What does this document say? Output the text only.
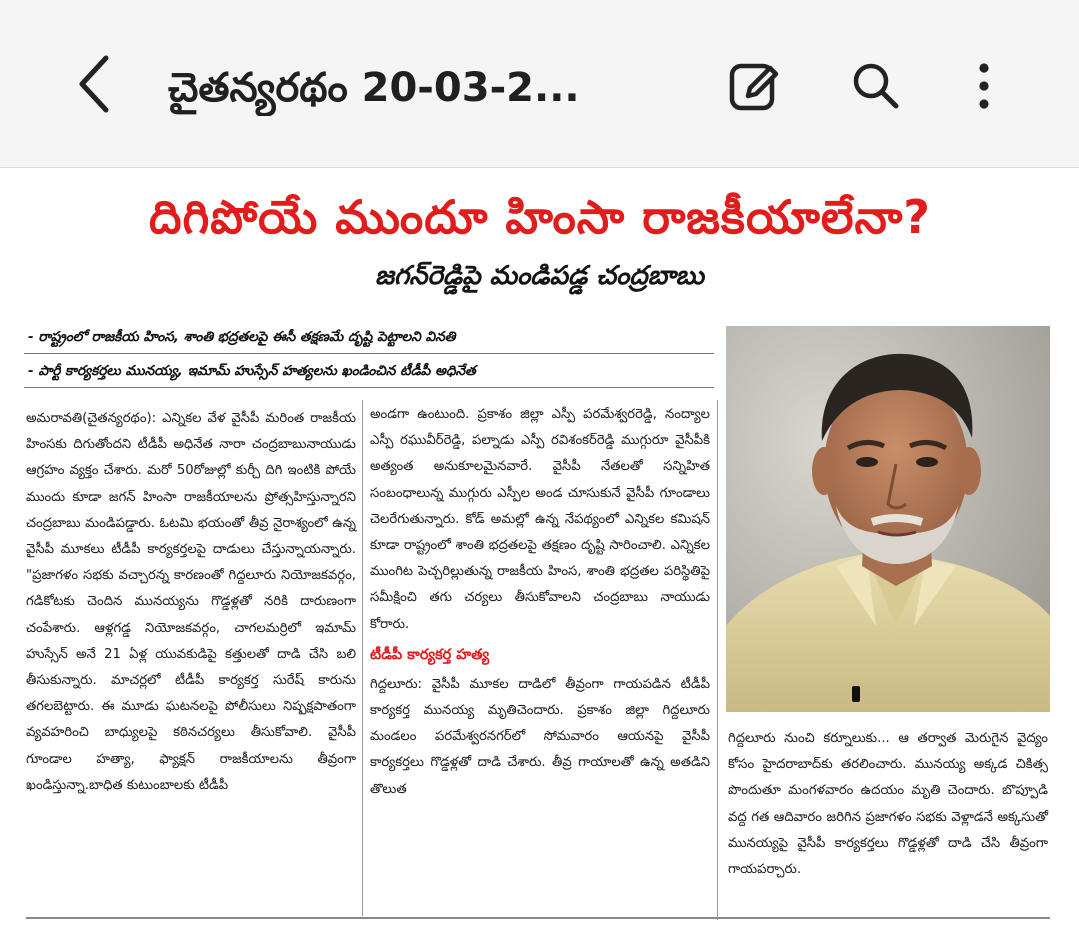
చైతన్యరథం 20-03-2...
దిగిపోయే ముందూ హింసా రాజకీయాలేనా?
జగన్‌రెడ్డిపై మండిపడ్డ చంద్రబాబు
- రాష్ట్రంలో రాజకీయ హింస, శాంతి భద్రతలపై ఈసీ తక్షణమే దృష్టి పెట్టాలని వినతి
- పార్టీ కార్యకర్తలు మునయ్య, ఇమామ్ హుస్సేన్ హత్యలను ఖండించిన టీడీపీ అధినేత

అమరావతి(చైతన్యరథం): ఎన్నికల వేళ వైసీపీ మరింత రాజకీయ హింసకు దిగుతోందని టీడీపీ అధినేత నారా చంద్రబాబునాయుడు ఆగ్రహం వ్యక్తం చేశారు. మరో 50రోజుల్లో కుర్చీ దిగి ఇంటికి పోయే ముందు కూడా జగన్ హింసా రాజకీయాలను ప్రోత్సహిస్తున్నారని చంద్రబాబు మండిపడ్డారు. ఓటమి భయంతో తీవ్ర నైరాశ్యంలో ఉన్న వైసీపీ మూకలు టీడీపీ కార్యకర్తలపై దాడులు చేస్తున్నాయన్నారు. "ప్రజాగళం సభకు వచ్చారన్న కారణంతో గిద్దలూరు నియోజకవర్గం, గడికోటకు చెందిన మునయ్యను గొడ్డళ్లతో నరికి దారుణంగా చంపేశారు. ఆళ్లగడ్డ నియోజకవర్గం, చాగలమర్రిలో ఇమామ్ హుస్సేన్ అనే 21 ఏళ్ల యువకుడిపై కత్తులతో దాడి చేసి బలి తీసుకున్నారు. మాచర్లలో టీడీపీ కార్యకర్త సురేష్ కారును తగలబెట్టారు. ఈ మూడు ఘటనలపై పోలీసులు నిష్పక్షపాతంగా వ్యవహరించి బాధ్యులపై కఠినచర్యలు తీసుకోవాలి. వైసీపీ గూండాల హత్యా, ఫ్యాక్షన్ రాజకీయాలను తీవ్రంగా ఖండిస్తున్నా.బాధిత కుటుంబాలకు టీడీపీ

అండగా ఉంటుంది. ప్రకాశం జిల్లా ఎస్పీ పరమేశ్వరరెడ్డి, నంద్యాల ఎస్పీ రఘువీర్‌రెడ్డి, పల్నాడు ఎస్పీ రవిశంకర్‌రెడ్డి ముగ్గురూ వైసీపీకి అత్యంత అనుకూలమైనవారే. వైసీపీ నేతలతో సన్నిహిత సంబంధాలున్న ముగ్గురు ఎస్పీల అండ చూసుకునే వైసీపీ గూండాలు చెలరేగుతున్నారు. కోడ్ అమల్లో ఉన్న నేపథ్యంలో ఎన్నికల కమిషన్ కూడా రాష్ట్రంలో శాంతి భద్రతలపై తక్షణం దృష్టి సారించాలి. ఎన్నికల ముంగిట పెచ్చరిల్లుతున్న రాజకీయ హింస, శాంతి భద్రతల పరిస్థితిపై సమీక్షించి తగు చర్యలు తీసుకోవాలని చంద్రబాబు నాయుడు కోరారు.

టీడీపీ కార్యకర్త హత్య

గిద్దలూరు: వైసీపీ మూకల దాడిలో తీవ్రంగా గాయపడిన టీడీపీ కార్యకర్త మునయ్య మృతిచెందారు. ప్రకాశం జిల్లా గిద్దలూరు మండలం పరమేశ్వరనగర్‌లో సోమవారం ఆయనపై వైసీపీ కార్యకర్తలు గొడ్డళ్లతో దాడి చేశారు. తీవ్ర గాయాలతో ఉన్న అతడిని తొలుత

గిద్దలూరు నుంచి కర్నూలుకు... ఆ తర్వాత మెరుగైన వైద్యం కోసం హైదరాబాద్‌కు తరలించారు. మునయ్య అక్కడ చికిత్స పొందుతూ మంగళవారం ఉదయం మృతి చెందారు. బొప్పూడి వద్ద గత ఆదివారం జరిగిన ప్రజాగళం సభకు వెళ్లాడనే అక్కసుతో మునయ్యపై వైసీపీ కార్యకర్తలు గొడ్డళ్లతో దాడి చేసి తీవ్రంగా గాయపర్చారు.
